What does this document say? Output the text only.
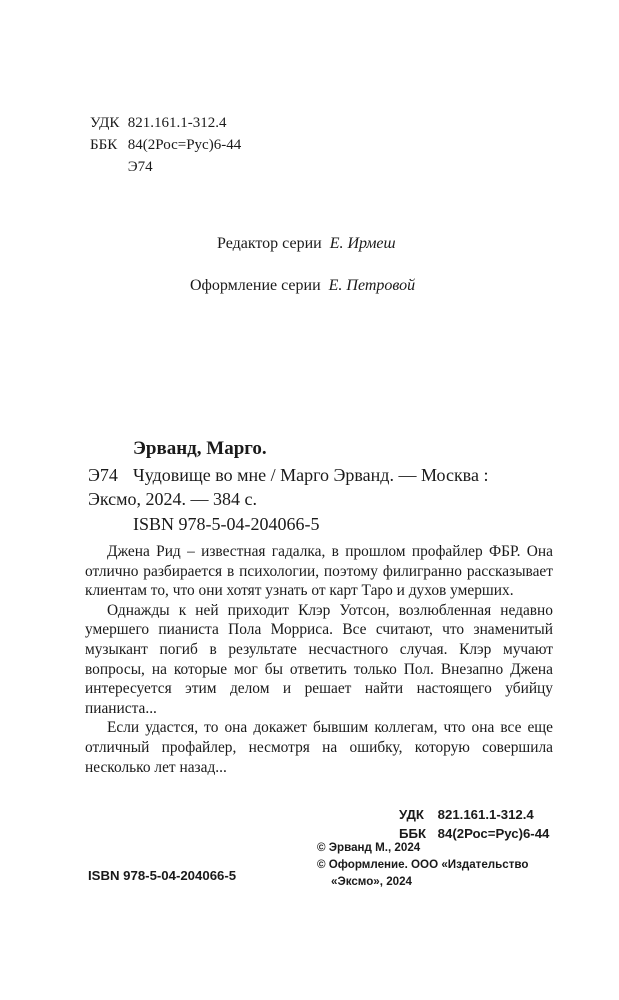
УДК 821.161.1-312.4
ББК 84(2Рос=Рус)6-44
Э74
Редактор серии Е. Ирмеш
Оформление серии Е. Петровой
Эрванд, Марго.
Э74 Чудовище во мне / Марго Эрванд. — Москва :
Эксмо, 2024. — 384 с.
ISBN 978-5-04-204066-5

Джена Рид – известная гадалка, в прошлом профайлер ФБР. Она отлично разбирается в психологии, поэтому филигранно рассказывает клиентам то, что они хотят узнать от карт Таро и духов умерших.

Однажды к ней приходит Клэр Уотсон, возлюбленная недавно умершего пианиста Пола Морриса. Все считают, что знаменитый музыкант погиб в результате несчастного случая. Клэр мучают вопросы, на которые мог бы ответить только Пол. Внезапно Джена интересуется этим делом и решает найти настоящего убийцу пианиста...

Если удастся, то она докажет бывшим коллегам, что она все еще отличный профайлер, несмотря на ошибку, которую совершила несколько лет назад...

УДК 821.161.1-312.4
ББК 84(2Рос=Рус)6-44
ISBN 978-5-04-204066-5
© Эрванд М., 2024
© Оформление. ООО «Издательство
«Эксмо», 2024
